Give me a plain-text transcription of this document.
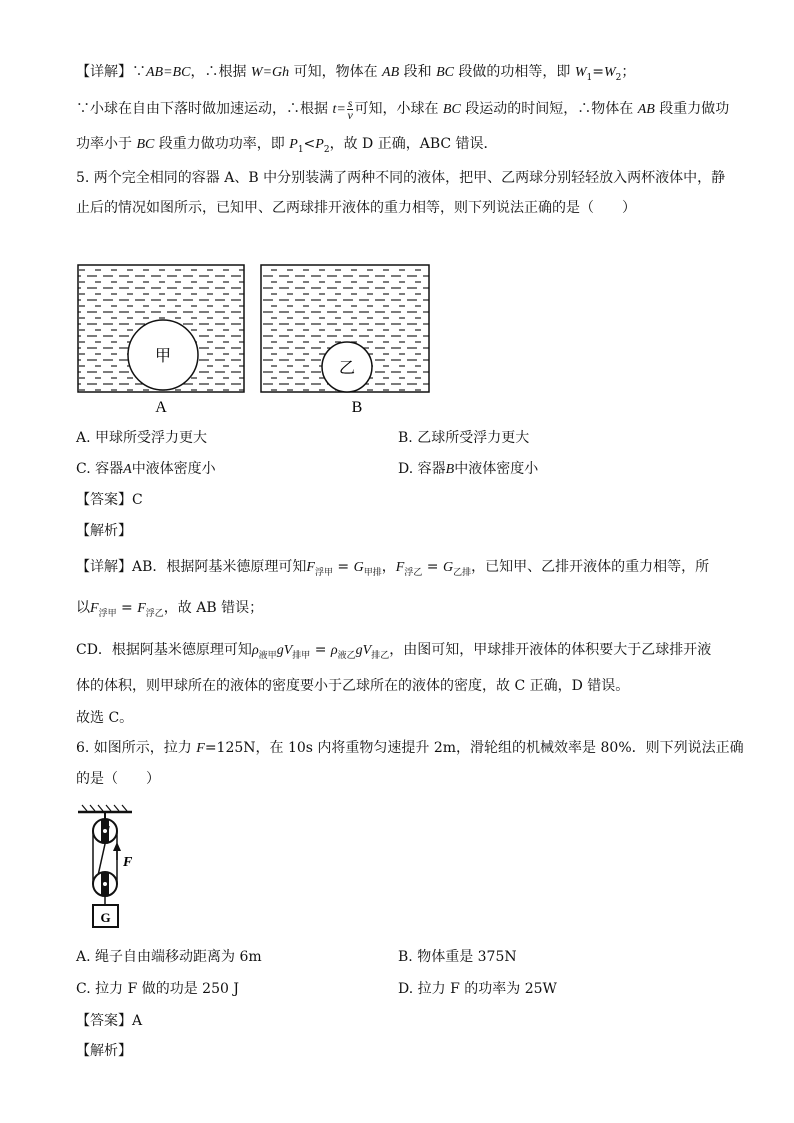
【详解】∵AB=BC，∴根据 W=Gh 可知，物体在 AB 段和 BC 段做的功相等，即 $W_1=W_2$；
∵小球在自由下落时做加速运动，∴根据 $t= \frac{s}{v}$ 可知，小球在 BC 段运动的时间短，∴物体在 AB 段重力做功
功率小于 BC 段重力做功功率，即 $P_1<P_2$，故 D 正确，ABC 错误．
5. 两个完全相同的容器 A、B 中分别装满了两种不同的液体，把甲、乙两球分别轻轻放入两杯液体中，静
止后的情况如图所示，已知甲、乙两球排开液体的重力相等，则下列说法正确的是（　　）
甲
A
乙
B
A. 甲球所受浮力更大	B. 乙球所受浮力更大
C. 容器A中液体密度小	D. 容器B中液体密度小
【答案】C
【解析】
【详解】AB．根据阿基米德原理可知$F_{浮甲} = G_{甲排}$，$F_{浮乙} = G_{乙排}$，已知甲、乙排开液体的重力相等，所
以$F_{浮甲} = F_{浮乙}$，故 AB 错误；
CD．根据阿基米德原理可知$\rho_{液甲}gV_{排甲} = \rho_{液乙}gV_{排乙}$，由图可知，甲球排开液体的体积要大于乙球排开液
体的体积，则甲球所在的液体的密度要小于乙球所在的液体的密度，故 C 正确，D 错误。
故选 C。
6. 如图所示，拉力 F=125N，在 10s 内将重物匀速提升 2m，滑轮组的机械效率是 80%．则下列说法正确
的是（　　）
F
G
A. 绳子自由端移动距离为 6m	B. 物体重是 375N
C. 拉力 F 做的功是 250 J	D. 拉力 F 的功率为 25W
【答案】A
【解析】
